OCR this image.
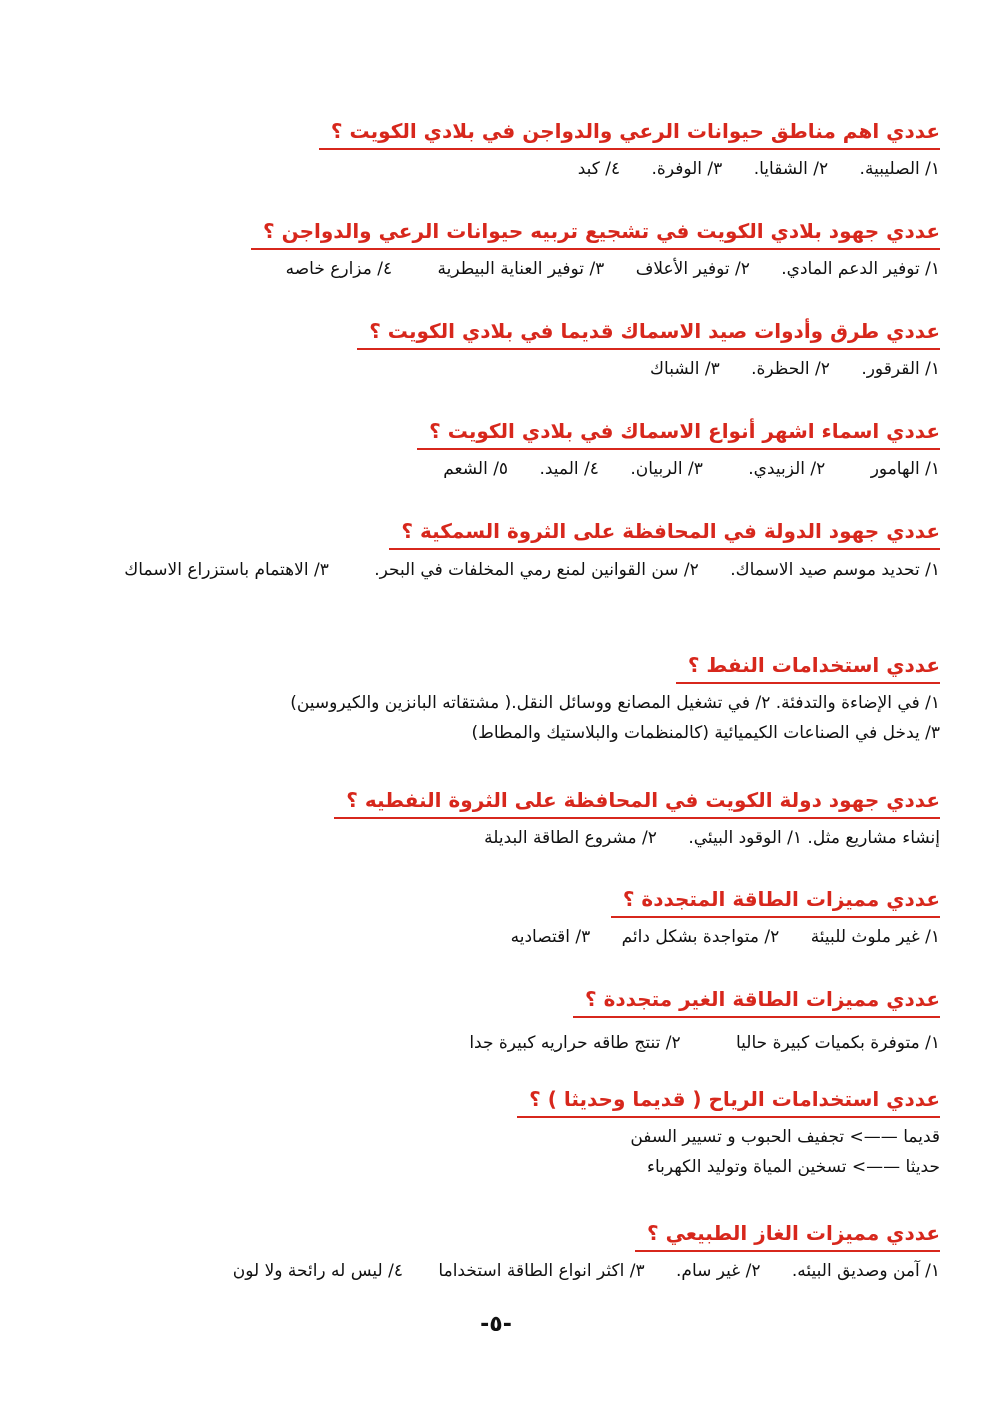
عددي اهم مناطق حيوانات الرعي والدواجن في بلادي الكويت ؟
١/ الصليبية. ٢/ الشقايا. ٣/ الوفرة. ٤/ كبد
عددي جهود بلادي الكويت في تشجيع تربيه حيوانات الرعي والدواجن ؟
١/ توفير الدعم المادي. ٢/ توفير الأعلاف ٣/ توفير العناية البيطرية ٤/ مزارع خاصه
عددي طرق وأدوات صيد الاسماك قديما في بلادي الكويت ؟
١/ القرقور. ٢/ الحظرة. ٣/ الشباك
عددي اسماء اشهر أنواع الاسماك في بلادي الكويت ؟
١/ الهامور ٢/ الزبيدي. ٣/ الربيان. ٤/ الميد. ٥/ الشعم
عددي جهود الدولة في المحافظة على الثروة السمكية ؟
١/ تحديد موسم صيد الاسماك. ٢/ سن القوانين لمنع رمي المخلفات في البحر. ٣/ الاهتمام باستزراع الاسماك
عددي استخدامات النفط ؟
١/ في الإضاءة والتدفئة. ٢/ في تشغيل المصانع ووسائل النقل.( مشتقاته البانزين والكيروسين)
٣/ يدخل في الصناعات الكيميائية (كالمنظمات والبلاستيك والمطاط)
عددي جهود دولة الكويت في المحافظة على الثروة النفطيه ؟
إنشاء مشاريع مثل. ١/ الوقود البيئي. ٢/ مشروع الطاقة البديلة
عددي مميزات الطاقة المتجددة ؟
١/ غير ملوث للبيئة ٢/ متواجدة بشكل دائم ٣/ اقتصاديه
عددي مميزات الطاقة الغير متجددة ؟
١/ متوفرة بكميات كبيرة حاليا ٢/ تنتج طاقه حراريه كبيرة جدا
عددي استخدامات الرياح ( قديما وحديثا ) ؟
قديما ——> تجفيف الحبوب و تسيير السفن
حديثا ——> تسخين المياة وتوليد الكهرباء
عددي مميزات الغاز الطبيعي ؟
١/ آمن وصديق البيئه. ٢/ غير سام. ٣/ اكثر انواع الطاقة استخداما ٤/ ليس له رائحة ولا لون
-٥-
